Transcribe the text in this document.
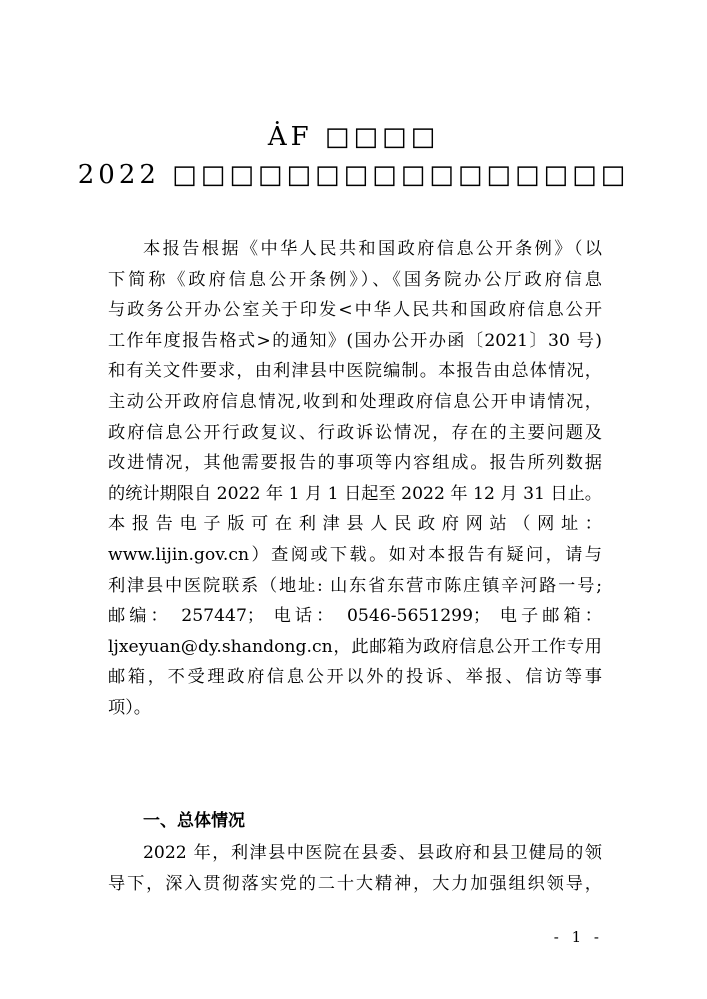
ȦF □□□□
2022 □□□□□□□□□□□□□□□□
本报告根据《中华人民共和国政府信息公开条例》（以
下简称《政府信息公开条例》）、《国务院办公厅政府信息
与政务公开办公室关于印发<中华人民共和国政府信息公开
工作年度报告格式>的通知》(国办公开办函〔2021〕30 号)
和有关文件要求，由利津县中医院编制。本报告由总体情况，
主动公开政府信息情况,收到和处理政府信息公开申请情况，
政府信息公开行政复议、行政诉讼情况，存在的主要问题及
改进情况，其他需要报告的事项等内容组成。报告所列数据
的统计期限自 2022 年 1 月 1 日起至 2022 年 12 月 31 日止。
本报告电子版可在利津县人民政府网站（网址：
www.lijin.gov.cn）查阅或下载。如对本报告有疑问，请与
利津县中医院联系（地址: 山东省东营市陈庄镇辛河路一号;
邮编： 257447； 电话： 0546-5651299； 电子邮箱：
ljxeyuan@dy.shandong.cn，此邮箱为政府信息公开工作专用
邮箱，不受理政府信息公开以外的投诉、举报、信访等事
项）。
一、总体情况
2022 年，利津县中医院在县委、县政府和县卫健局的领
导下，深入贯彻落实党的二十大精神，大力加强组织领导，
- 1 -
